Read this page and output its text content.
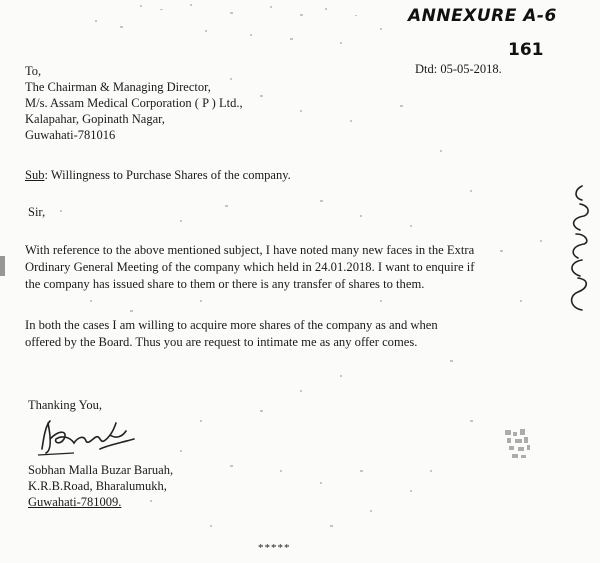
ANNEXURE A-6
161
Dtd: 05-05-2018.
To,
The Chairman & Managing Director,
M/s. Assam Medical Corporation ( P ) Ltd.,
Kalapahar, Gopinath Nagar,
Guwahati-781016
Sub: Willingness to Purchase Shares of the company.
Sir,
With reference to the above mentioned subject, I have noted many new faces in the Extra
Ordinary General Meeting of the company which held in 24.01.2018. I want to enquire if
the company has issued share to them or there is any transfer of shares to them.
In both the cases I am willing to acquire more shares of the company as and when
offered by the Board. Thus you are request to intimate me as any offer comes.
Thanking You,
Sobhan Malla Buzar Baruah,
K.R.B.Road, Bharalumukh,
Guwahati-781009.
*****
